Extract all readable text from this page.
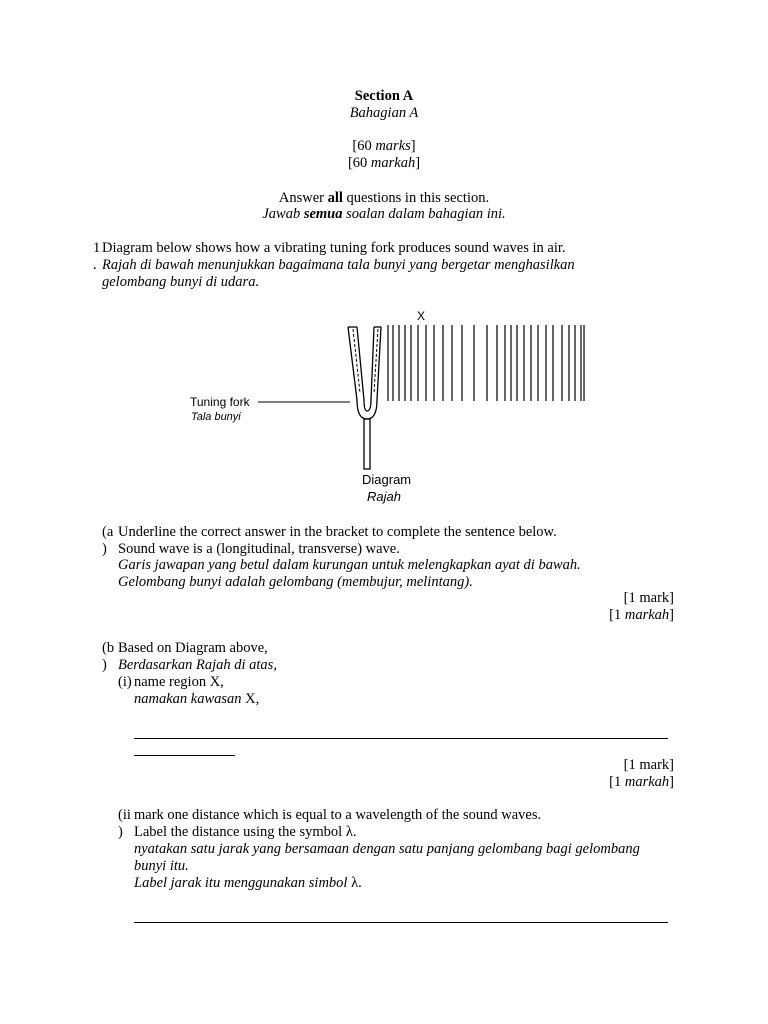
Section A
Bahagian A
[60 marks]
[60 markah]
Answer all questions in this section.
Jawab semua soalan dalam bahagian ini.
1
.
Diagram below shows how a vibrating tuning fork produces sound waves in air.
Rajah di bawah menunjukkan bagaimana tala bunyi yang bergetar menghasilkan
gelombang bunyi di udara.
X
Tuning fork
Tala bunyi
Diagram
Rajah
(a
)
Underline the correct answer in the bracket to complete the sentence below.
Sound wave is a (longitudinal, transverse) wave.
Garis jawapan yang betul dalam kurungan untuk melengkapkan ayat di bawah.
Gelombang bunyi adalah gelombang (membujur, melintang).
[1 mark]
[1 markah]
(b
)
Based on Diagram above,
Berdasarkan Rajah di atas,
(i) name region X,
namakan kawasan X,
[1 mark]
[1 markah]
(ii
)
mark one distance which is equal to a wavelength of the sound waves.
Label the distance using the symbol λ.
nyatakan satu jarak yang bersamaan dengan satu panjang gelombang bagi gelombang
bunyi itu.
Label jarak itu menggunakan simbol λ.
